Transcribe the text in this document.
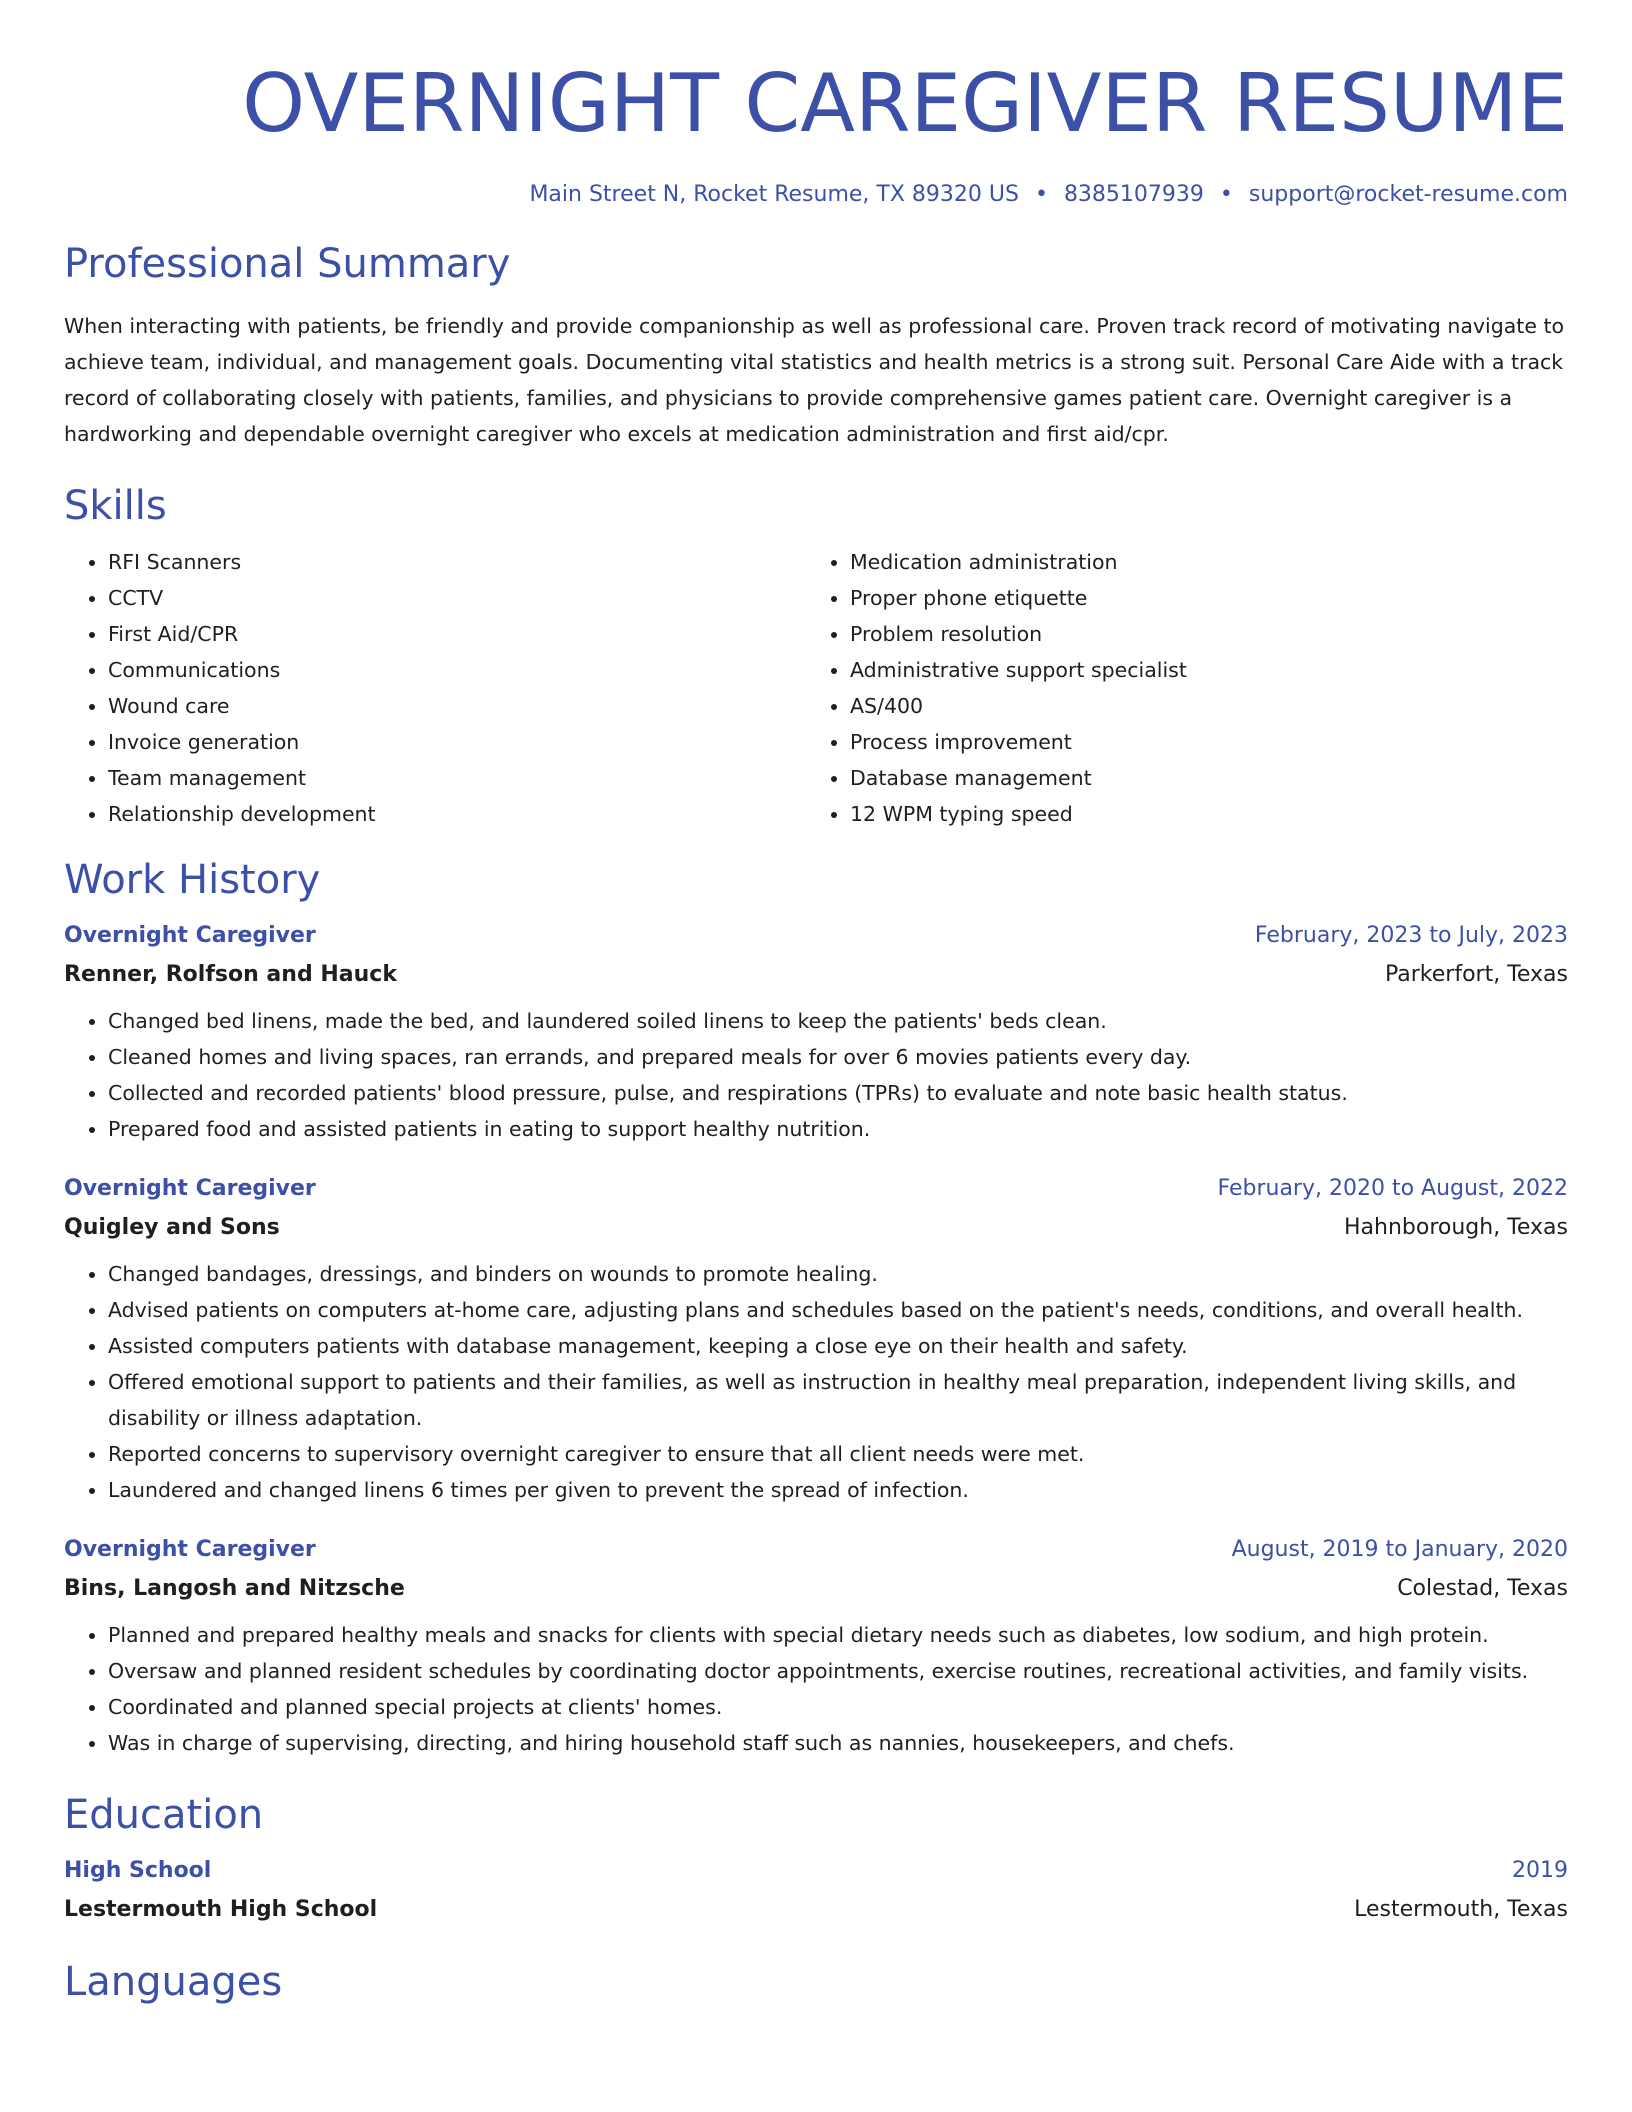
OVERNIGHT CAREGIVER RESUME
Main Street N, Rocket Resume, TX 89320 US • 8385107939 • support@rocket-resume.com
Professional Summary

When interacting with patients, be friendly and provide companionship as well as professional care. Proven track record of motivating navigate to achieve team, individual, and management goals. Documenting vital statistics and health metrics is a strong suit. Personal Care Aide with a track record of collaborating closely with patients, families, and physicians to provide comprehensive games patient care. Overnight caregiver is a hardworking and dependable overnight caregiver who excels at medication administration and first aid/cpr.

Skills
• RFI Scanners
• CCTV
• First Aid/CPR
• Communications
• Wound care
• Invoice generation
• Team management
• Relationship development
• Medication administration
• Proper phone etiquette
• Problem resolution
• Administrative support specialist
• AS/400
• Process improvement
• Database management
• 12 WPM typing speed
Work History
Overnight Caregiver	February, 2023 to July, 2023
Renner, Rolfson and Hauck	Parkerfort, Texas
• Changed bed linens, made the bed, and laundered soiled linens to keep the patients' beds clean.
• Cleaned homes and living spaces, ran errands, and prepared meals for over 6 movies patients every day.
• Collected and recorded patients' blood pressure, pulse, and respirations (TPRs) to evaluate and note basic health status.
• Prepared food and assisted patients in eating to support healthy nutrition.
Overnight Caregiver	February, 2020 to August, 2022
Quigley and Sons	Hahnborough, Texas
• Changed bandages, dressings, and binders on wounds to promote healing.
• Advised patients on computers at-home care, adjusting plans and schedules based on the patient's needs, conditions, and overall health.
• Assisted computers patients with database management, keeping a close eye on their health and safety.
• Offered emotional support to patients and their families, as well as instruction in healthy meal preparation, independent living skills, and disability or illness adaptation.
• Reported concerns to supervisory overnight caregiver to ensure that all client needs were met.
• Laundered and changed linens 6 times per given to prevent the spread of infection.
Overnight Caregiver	August, 2019 to January, 2020
Bins, Langosh and Nitzsche	Colestad, Texas
• Planned and prepared healthy meals and snacks for clients with special dietary needs such as diabetes, low sodium, and high protein.
• Oversaw and planned resident schedules by coordinating doctor appointments, exercise routines, recreational activities, and family visits.
• Coordinated and planned special projects at clients' homes.
• Was in charge of supervising, directing, and hiring household staff such as nannies, housekeepers, and chefs.
Education
High School	2019
Lestermouth High School	Lestermouth, Texas
Languages
